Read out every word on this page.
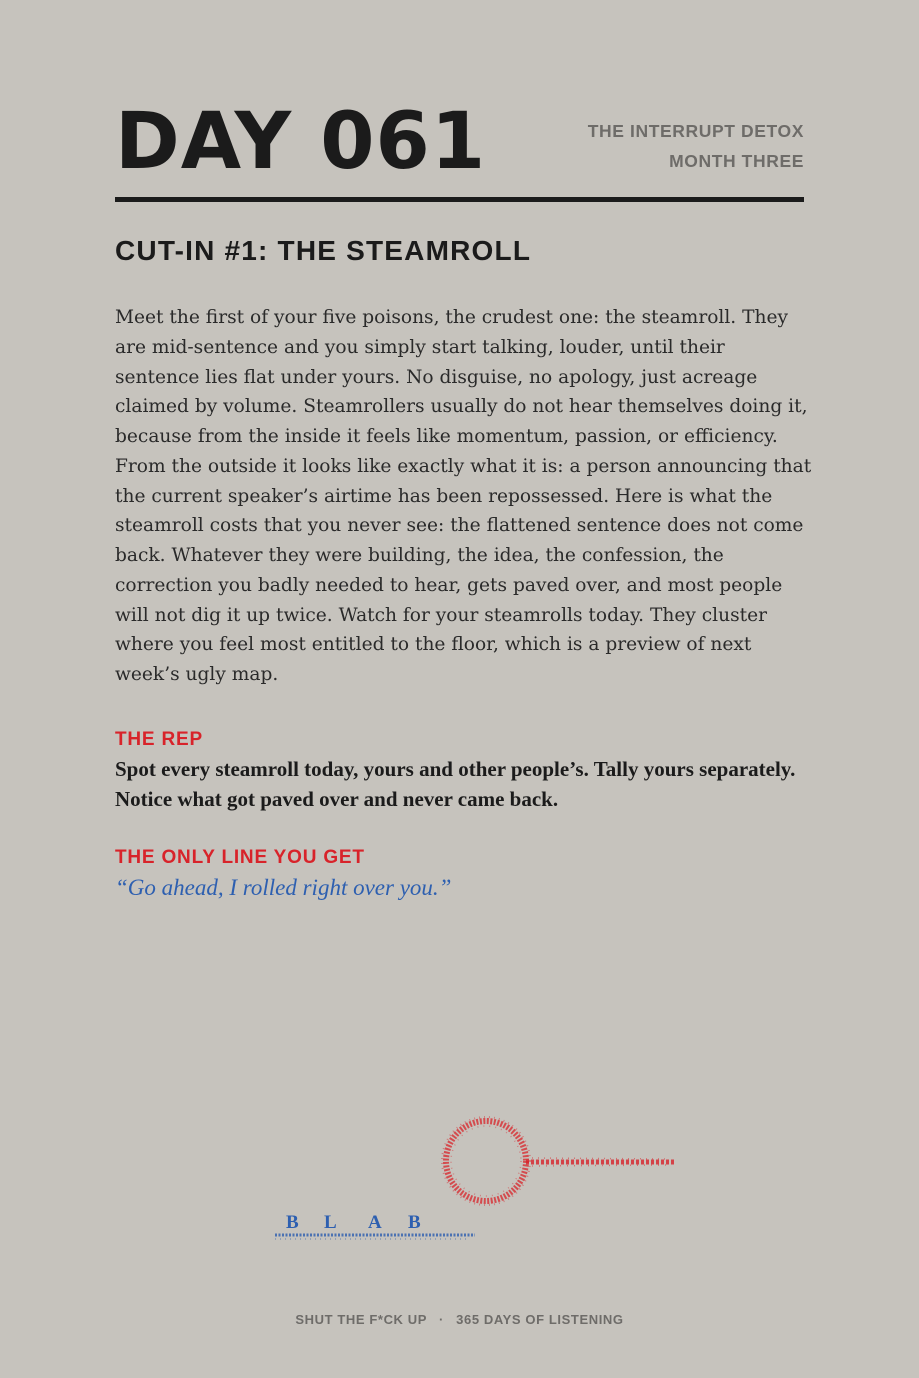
DAY 061	THE INTERRUPT DETOX
MONTH THREE
CUT-IN #1: THE STEAMROLL

Meet the first of your five poisons, the crudest one: the steamroll. They are mid-sentence and you simply start talking, louder, until their sentence lies flat under yours. No disguise, no apology, just acreage claimed by volume. Steamrollers usually do not hear themselves doing it, because from the inside it feels like momentum, passion, or efficiency. From the outside it looks like exactly what it is: a person announcing that the current speaker’s airtime has been repossessed. Here is what the steamroll costs that you never see: the flattened sentence does not come back. Whatever they were building, the idea, the confession, the correction you badly needed to hear, gets paved over, and most people will not dig it up twice. Watch for your steamrolls today. They cluster where you feel most entitled to the floor, which is a preview of next week’s ugly map.

THE REP

Spot every steamroll today, yours and other people’s. Tally yours separately. Notice what got paved over and never came back.

THE ONLY LINE YOU GET
“Go ahead, I rolled right over you.”
B L A B
SHUT THE F*CK UP · 365 DAYS OF LISTENING
